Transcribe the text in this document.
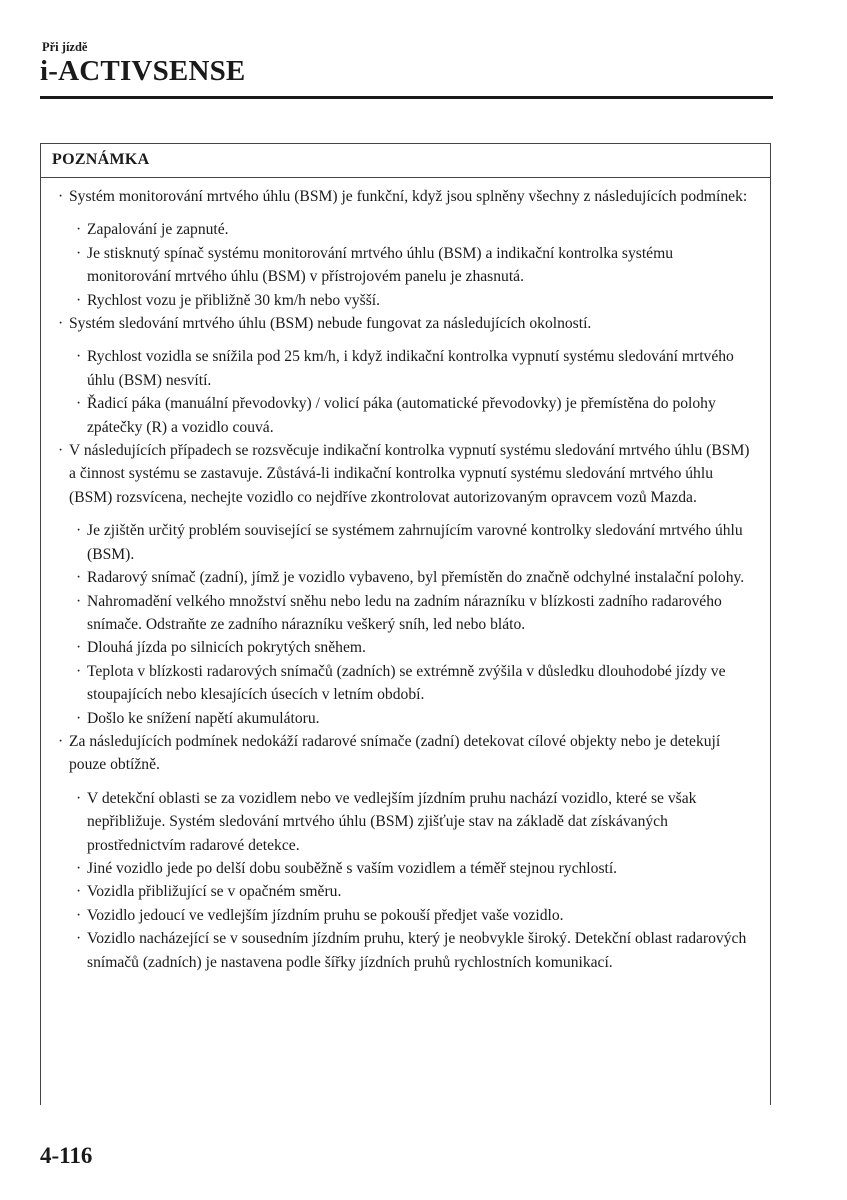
Při jízdě
i-ACTIVSENSE
POZNÁMKA
· Systém monitorování mrtvého úhlu (BSM) je funkční, když jsou splněny všechny z následujících podmínek:
· Zapalování je zapnuté.
· Je stisknutý spínač systému monitorování mrtvého úhlu (BSM) a indikační kontrolka systému monitorování mrtvého úhlu (BSM) v přístrojovém panelu je zhasnutá.
· Rychlost vozu je přibližně 30 km/h nebo vyšší.
· Systém sledování mrtvého úhlu (BSM) nebude fungovat za následujících okolností.
· Rychlost vozidla se snížila pod 25 km/h, i když indikační kontrolka vypnutí systému sledování mrtvého úhlu (BSM) nesvítí.
· Řadicí páka (manuální převodovky) / volicí páka (automatické převodovky) je přemístěna do polohy zpátečky (R) a vozidlo couvá.
· V následujících případech se rozsvěcuje indikační kontrolka vypnutí systému sledování mrtvého úhlu (BSM) a činnost systému se zastavuje. Zůstává-li indikační kontrolka vypnutí systému sledování mrtvého úhlu (BSM) rozsvícena, nechejte vozidlo co nejdříve zkontrolovat autorizovaným opravcem vozů Mazda.
· Je zjištěn určitý problém související se systémem zahrnujícím varovné kontrolky sledování mrtvého úhlu (BSM).
· Radarový snímač (zadní), jímž je vozidlo vybaveno, byl přemístěn do značně odchylné instalační polohy.
· Nahromadění velkého množství sněhu nebo ledu na zadním nárazníku v blízkosti zadního radarového snímače. Odstraňte ze zadního nárazníku veškerý sníh, led nebo bláto.
· Dlouhá jízda po silnicích pokrytých sněhem.
· Teplota v blízkosti radarových snímačů (zadních) se extrémně zvýšila v důsledku dlouhodobé jízdy ve stoupajících nebo klesajících úsecích v letním období.
· Došlo ke snížení napětí akumulátoru.
· Za následujících podmínek nedokáží radarové snímače (zadní) detekovat cílové objekty nebo je detekují pouze obtížně.
· V detekční oblasti se za vozidlem nebo ve vedlejším jízdním pruhu nachází vozidlo, které se však nepřibližuje. Systém sledování mrtvého úhlu (BSM) zjišťuje stav na základě dat získávaných prostřednictvím radarové detekce.
· Jiné vozidlo jede po delší dobu souběžně s vaším vozidlem a téměř stejnou rychlostí.
· Vozidla přibližující se v opačném směru.
· Vozidlo jedoucí ve vedlejším jízdním pruhu se pokouší předjet vaše vozidlo.
· Vozidlo nacházející se v sousedním jízdním pruhu, který je neobvykle široký. Detekční oblast radarových snímačů (zadních) je nastavena podle šířky jízdních pruhů rychlostních komunikací.
4-116
